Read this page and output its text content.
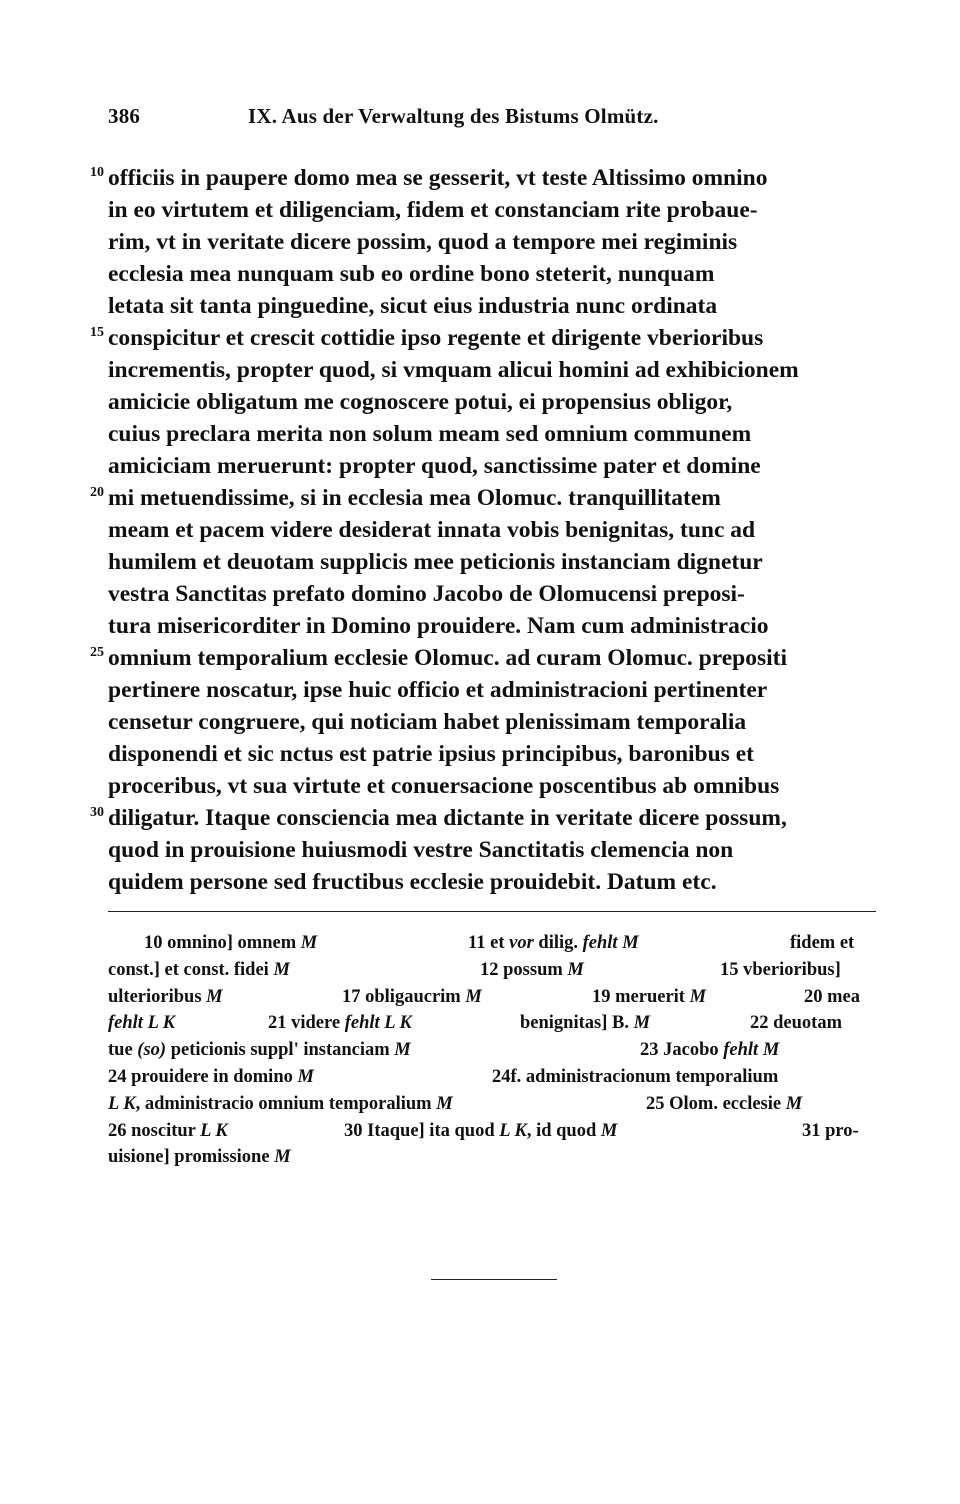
386	IX. Aus der Verwaltung des Bistums Olmütz.
10 officiis in paupere domo mea se gesserit, vt teste Altissimo omnino
in eo virtutem et diligenciam, fidem et constanciam rite probaue-
rim, vt in veritate dicere possim, quod a tempore mei regiminis
ecclesia mea nunquam sub eo ordine bono steterit, nunquam
letata sit tanta pinguedine, sicut eius industria nunc ordinata
15 conspicitur et crescit cottidie ipso regente et dirigente vberioribus
incrementis, propter quod, si vmquam alicui homini ad exhibicionem
amicicie obligatum me cognoscere potui, ei propensius obligor,
cuius preclara merita non solum meam sed omnium communem
amiciciam meruerunt: propter quod, sanctissime pater et domine
20 mi metuendissime, si in ecclesia mea Olomuc. tranquillitatem
meam et pacem videre desiderat innata vobis benignitas, tunc ad
humilem et deuotam supplicis mee peticionis instanciam dignetur
vestra Sanctitas prefato domino Jacobo de Olomucensi preposi-
tura misericorditer in Domino prouidere. Nam cum administracio
25 omnium temporalium ecclesie Olomuc. ad curam Olomuc. prepositi
pertinere noscatur, ipse huic officio et administracioni pertinenter
censetur congruere, qui noticiam habet plenissimam temporalia
disponendi et sic nctus est patrie ipsius principibus, baronibus et
proceribus, vt sua virtute et conuersacione poscentibus ab omnibus
30 diligatur. Itaque consciencia mea dictante in veritate dicere possum,
quod in prouisione huiusmodi vestre Sanctitatis clemencia non
quidem persone sed fructibus ecclesie prouidebit. Datum etc.
10 omnino] omnem M	11 et vor dilig. fehlt M	fidem et
const.] et const. fidei M	12 possum M	15 vberioribus]
ulterioribus M	17 obligaucrim M	19 meruerit M	20 mea
fehlt L K	21 videre fehlt L K	benignitas] B. M	22 deuotam
tue (so) peticionis suppl' instanciam M	23 Jacobo fehlt M
24 prouidere in domino M	24f. administracionum temporalium
L K, administracio omnium temporalium M	25 Olom. ecclesie M
26 noscitur L K	30 Itaque] ita quod L K, id quod M	31 pro-
uisione] promissione M
